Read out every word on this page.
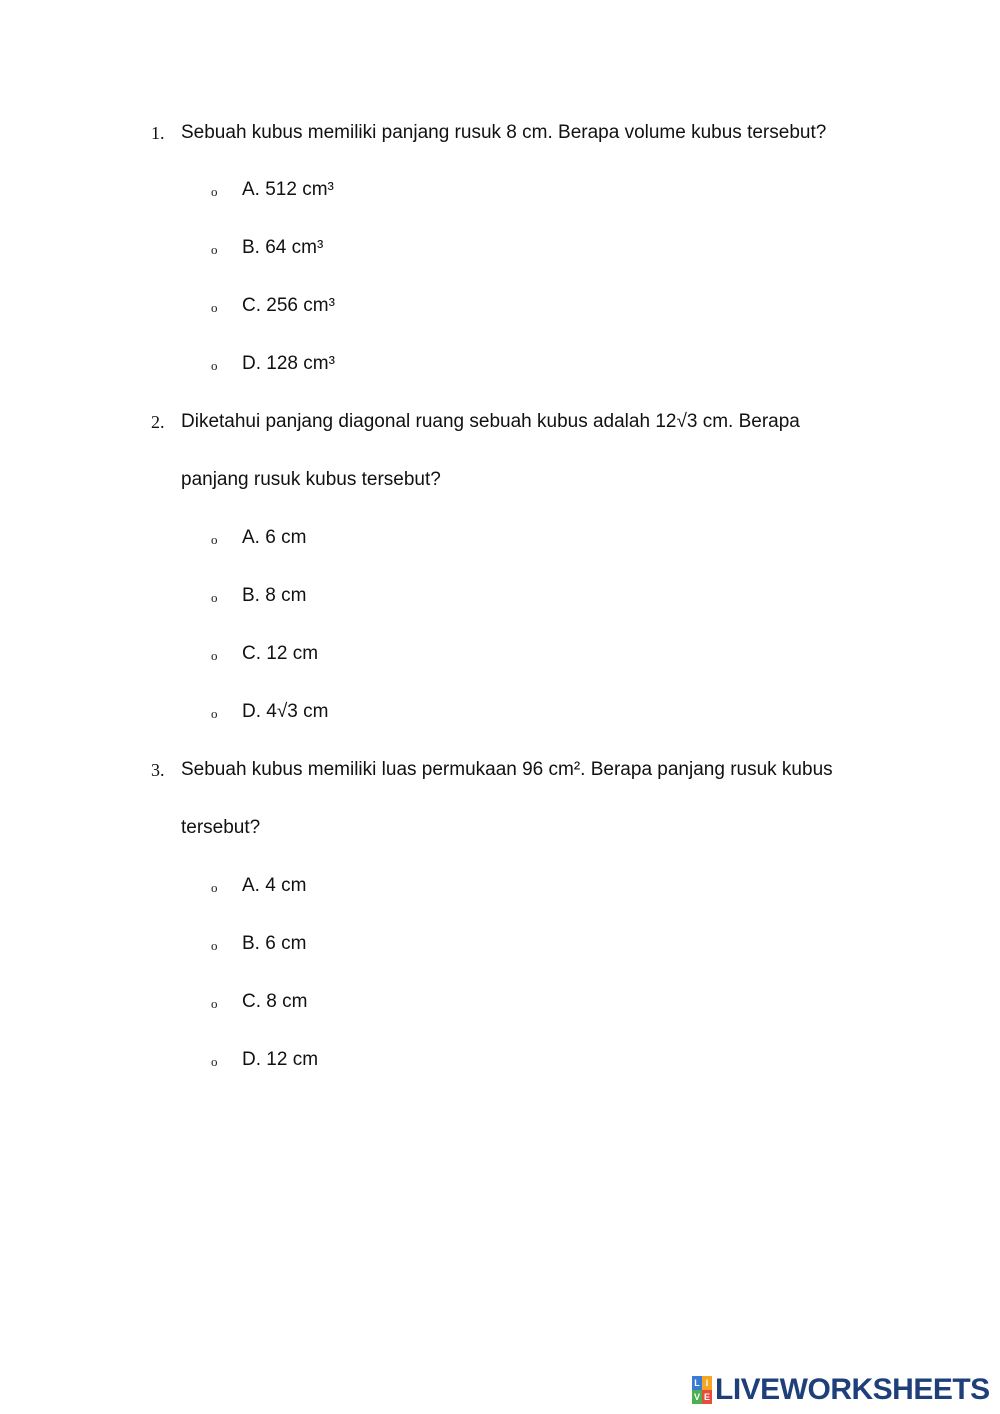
1. Sebuah kubus memiliki panjang rusuk 8 cm. Berapa volume kubus tersebut?
o A. 512 cm³
o B. 64 cm³
o C. 256 cm³
o D. 128 cm³
2. Diketahui panjang diagonal ruang sebuah kubus adalah 12√3 cm. Berapa
panjang rusuk kubus tersebut?
o A. 6 cm
o B. 8 cm
o C. 12 cm
o D. 4√3 cm
3. Sebuah kubus memiliki luas permukaan 96 cm². Berapa panjang rusuk kubus
tersebut?
o A. 4 cm
o B. 6 cm
o C. 8 cm
o D. 12 cm
L I
V E LIVEWORKSHEETS
